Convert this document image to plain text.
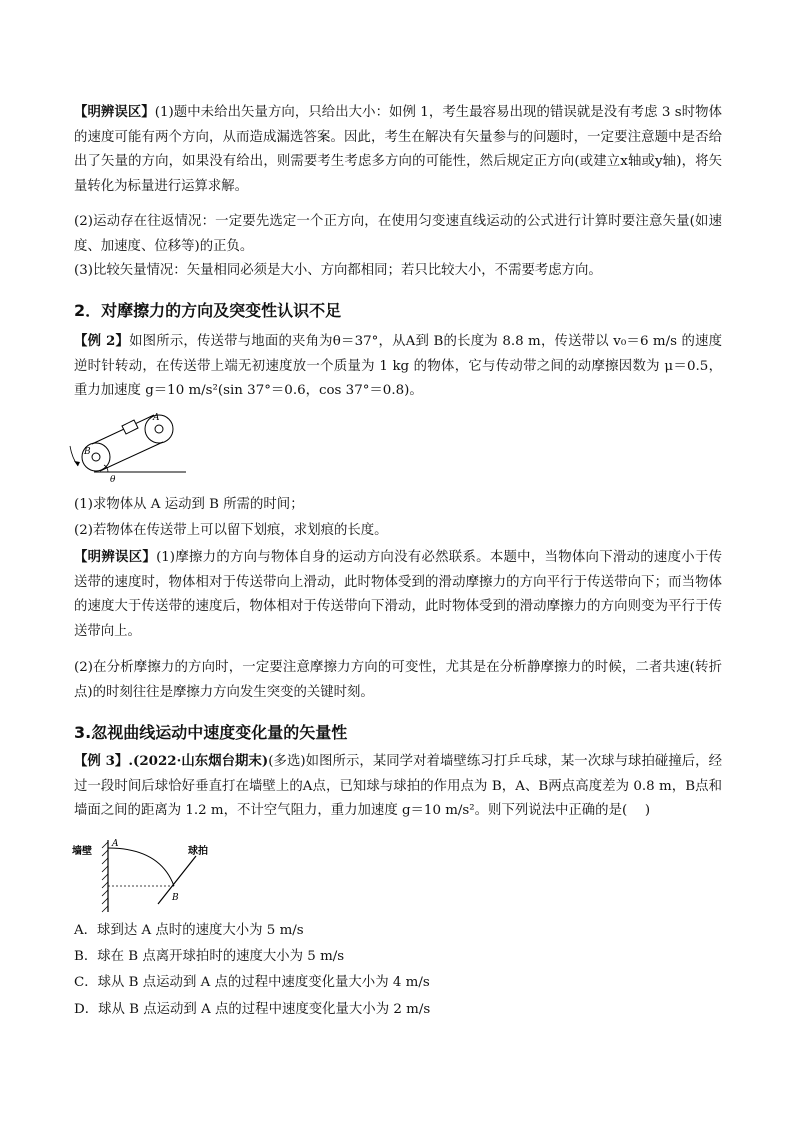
【明辨误区】(1)题中未给出矢量方向，只给出大小：如例 1，考生最容易出现的错误就是没有考虑 3 s时物体的速度可能有两个方向，从而造成漏选答案。因此，考生在解决有矢量参与的问题时，一定要注意题中是否给出了矢量的方向，如果没有给出，则需要考生考虑多方向的可能性，然后规定正方向(或建立x轴或y轴)，将矢量转化为标量进行运算求解。

(2)运动存在往返情况：一定要先选定一个正方向，在使用匀变速直线运动的公式进行计算时要注意矢量(如速度、加速度、位移等)的正负。

(3)比较矢量情况：矢量相同必须是大小、方向都相同；若只比较大小，不需要考虑方向。

2．对摩擦力的方向及突变性认识不足

【例 2】如图所示，传送带与地面的夹角为θ＝37°，从A到 B的长度为 8.8 m，传送带以 v₀＝6 m/s 的速度逆时针转动，在传送带上端无初速度放一个质量为 1 kg 的物体，它与传动带之间的动摩擦因数为 μ＝0.5，重力加速度 g＝10 m/s²(sin 37°＝0.6，cos 37°＝0.8)。

θ
A
B

(1)求物体从 A 运动到 B 所需的时间；

(2)若物体在传送带上可以留下划痕，求划痕的长度。

【明辨误区】(1)摩擦力的方向与物体自身的运动方向没有必然联系。本题中，当物体向下滑动的速度小于传送带的速度时，物体相对于传送带向上滑动，此时物体受到的滑动摩擦力的方向平行于传送带向下；而当物体的速度大于传送带的速度后，物体相对于传送带向下滑动，此时物体受到的滑动摩擦力的方向则变为平行于传送带向上。

(2)在分析摩擦力的方向时，一定要注意摩擦力方向的可变性，尤其是在分析静摩擦力的时候，二者共速(转折点)的时刻往往是摩擦力方向发生突变的关键时刻。

3.忽视曲线运动中速度变化量的矢量性

【例 3】.(2022·山东烟台期末)(多选)如图所示，某同学对着墙壁练习打乒乓球，某一次球与球拍碰撞后，经过一段时间后球恰好垂直打在墙壁上的A点，已知球与球拍的作用点为 B，A、B两点高度差为 0.8 m，B点和墙面之间的距离为 1.2 m，不计空气阻力，重力加速度 g＝10 m/s²。则下列说法中正确的是(　 )

墙壁
A
球拍
B

A．球到达 A 点时的速度大小为 5 m/s

B．球在 B 点离开球拍时的速度大小为 5 m/s

C．球从 B 点运动到 A 点的过程中速度变化量大小为 4 m/s

D．球从 B 点运动到 A 点的过程中速度变化量大小为 2 m/s
